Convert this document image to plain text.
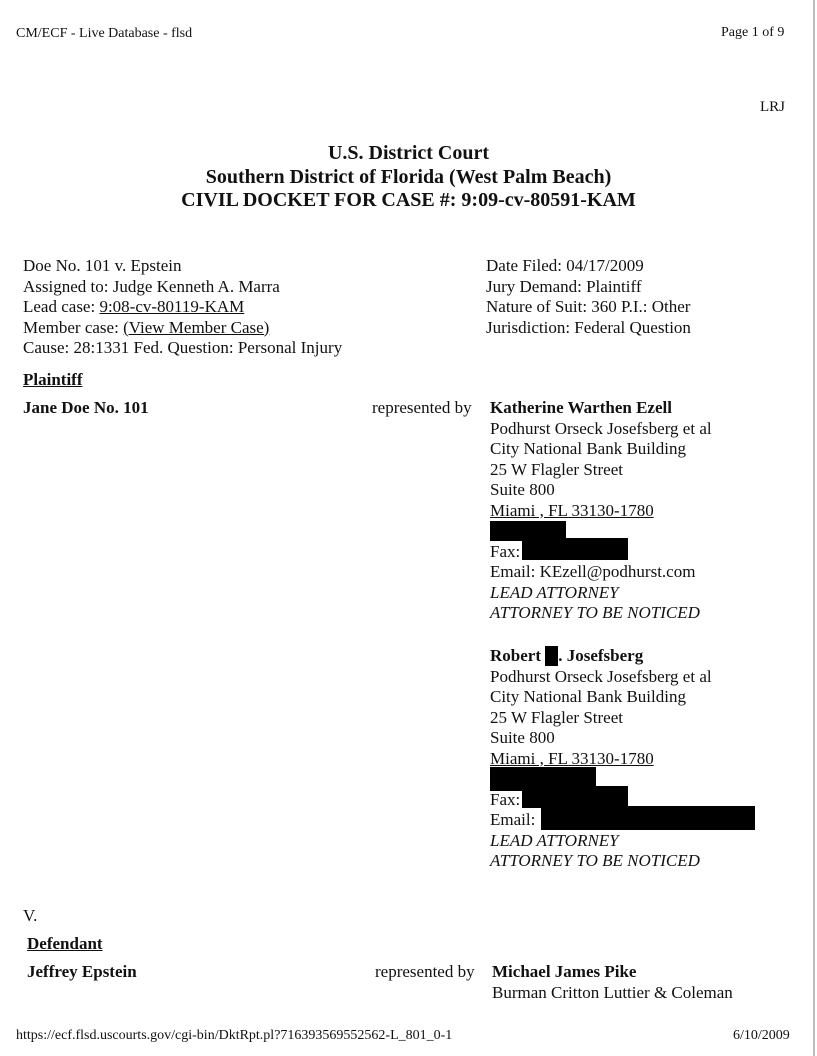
CM/ECF - Live Database - flsd	Page 1 of 9
LRJ
U.S. District Court
Southern District of Florida (West Palm Beach)
CIVIL DOCKET FOR CASE #: 9:09-cv-80591-KAM
Doe No. 101 v. Epstein
Assigned to: Judge Kenneth A. Marra
Lead case: 9:08-cv-80119-KAM
Member case: (View Member Case)
Cause: 28:1331 Fed. Question: Personal Injury
Date Filed: 04/17/2009
Jury Demand: Plaintiff
Nature of Suit: 360 P.I.: Other
Jurisdiction: Federal Question
Plaintiff
Jane Doe No. 101	represented by Katherine Warthen Ezell
Podhurst Orseck Josefsberg et al
City National Bank Building
25 W Flagler Street
Suite 800
Miami , FL 33130-1780
Fax:
Email: KEzell@podhurst.com
LEAD ATTORNEY
ATTORNEY TO BE NOTICED
Robert . Josefsberg
Podhurst Orseck Josefsberg et al
City National Bank Building
25 W Flagler Street
Suite 800
Miami , FL 33130-1780
Fax:
Email:
LEAD ATTORNEY
ATTORNEY TO BE NOTICED
V.
Defendant
Jeffrey Epstein	represented by Michael James Pike
Burman Critton Luttier & Coleman
https://ecf.flsd.uscourts.gov/cgi-bin/DktRpt.pl?716393569552562-L_801_0-1	6/10/2009
